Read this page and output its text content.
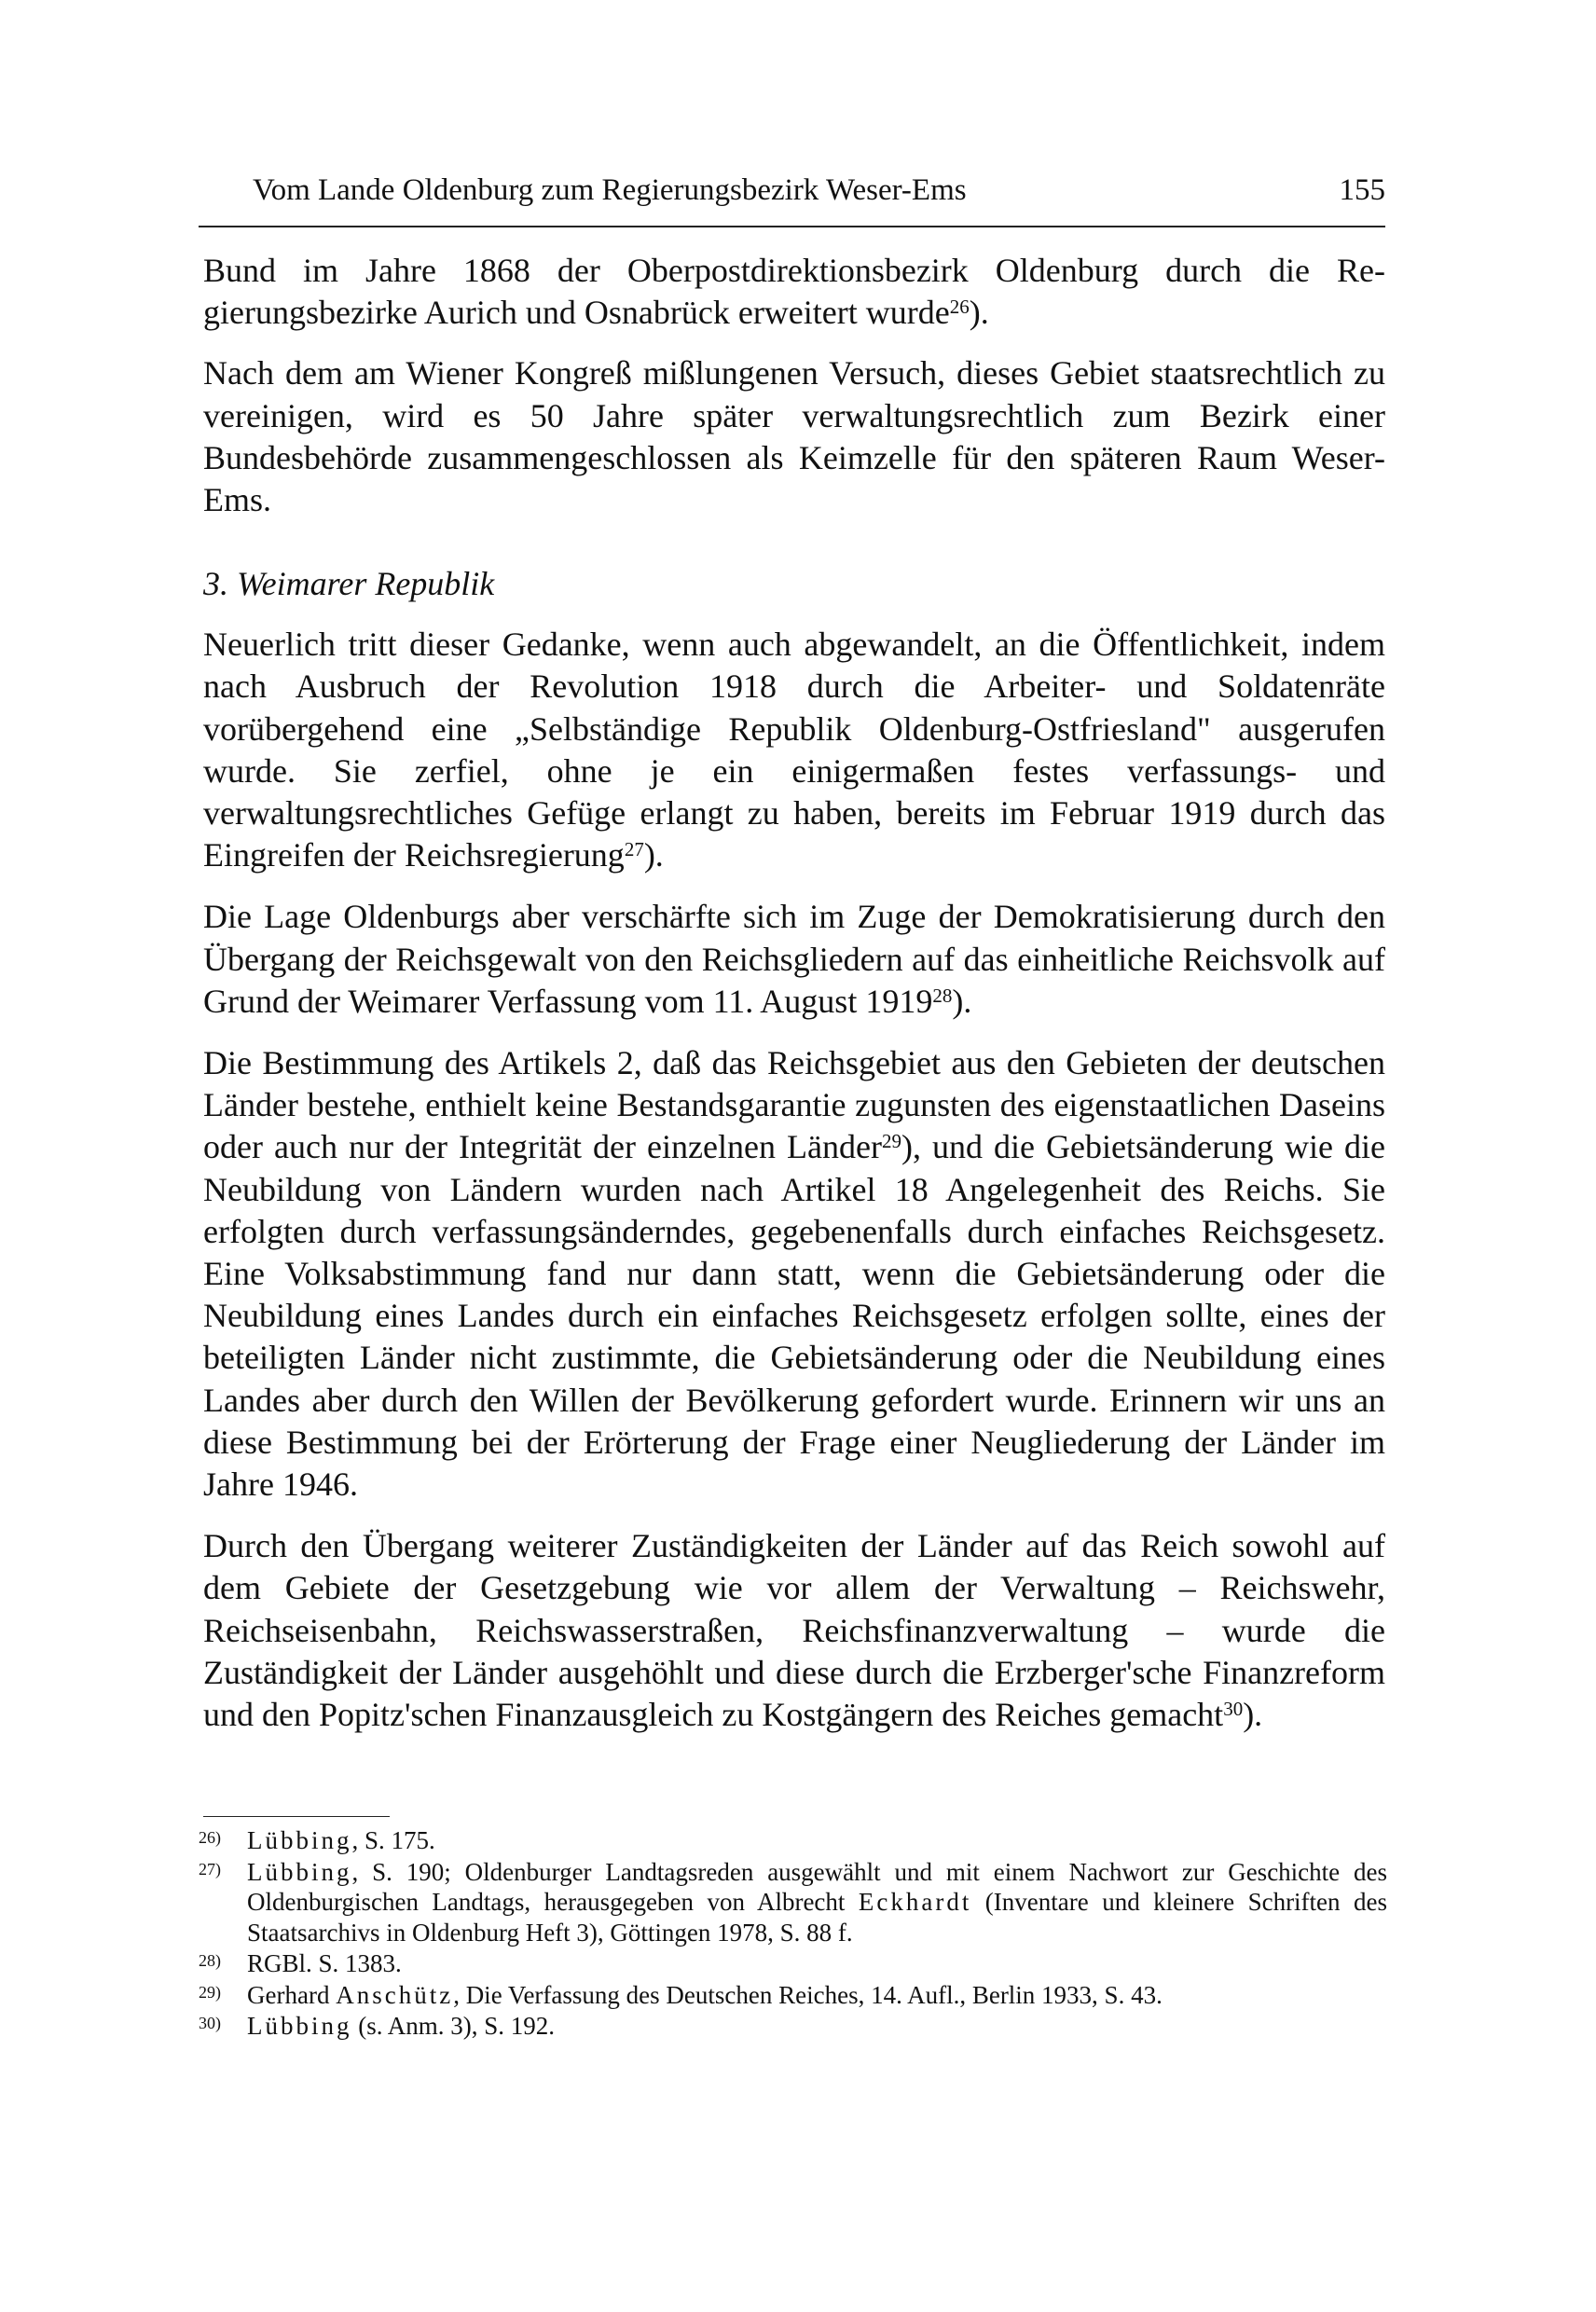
Vom Lande Oldenburg zum Regierungsbezirk Weser-Ems	155

Bund im Jahre 1868 der Oberpostdirektionsbezirk Oldenburg durch die Regierungsbezirke Aurich und Osnabrück erweitert wurde$^{26}$).

Nach dem am Wiener Kongreß mißlungenen Versuch, dieses Gebiet staatsrechtlich zu vereinigen, wird es 50 Jahre später verwaltungsrechtlich zum Bezirk einer Bundesbehörde zusammengeschlossen als Keimzelle für den späteren Raum Weser-Ems.

3. Weimarer Republik

Neuerlich tritt dieser Gedanke, wenn auch abgewandelt, an die Öffentlichkeit, indem nach Ausbruch der Revolution 1918 durch die Arbeiter- und Soldatenräte vorübergehend eine „Selbständige Republik Oldenburg-Ostfriesland" ausgerufen wurde. Sie zerfiel, ohne je ein einigermaßen festes verfassungs- und verwaltungsrechtliches Gefüge erlangt zu haben, bereits im Februar 1919 durch das Eingreifen der Reichsregierung$^{27}$).

Die Lage Oldenburgs aber verschärfte sich im Zuge der Demokratisierung durch den Übergang der Reichsgewalt von den Reichsgliedern auf das einheitliche Reichsvolk auf Grund der Weimarer Verfassung vom 11. August 1919$^{28}$).

Die Bestimmung des Artikels 2, daß das Reichsgebiet aus den Gebieten der deutschen Länder bestehe, enthielt keine Bestandsgarantie zugunsten des eigenstaatlichen Daseins oder auch nur der Integrität der einzelnen Länder$^{29}$), und die Gebietsänderung wie die Neubildung von Ländern wurden nach Artikel 18 Angelegenheit des Reichs. Sie erfolgten durch verfassungsänderndes, gegebenenfalls durch einfaches Reichsgesetz. Eine Volksabstimmung fand nur dann statt, wenn die Gebietsänderung oder die Neubildung eines Landes durch ein einfaches Reichsgesetz erfolgen sollte, eines der beteiligten Länder nicht zustimmte, die Gebietsänderung oder die Neubildung eines Landes aber durch den Willen der Bevölkerung gefordert wurde. Erinnern wir uns an diese Bestimmung bei der Erörterung der Frage einer Neugliederung der Länder im Jahre 1946.

Durch den Übergang weiterer Zuständigkeiten der Länder auf das Reich sowohl auf dem Gebiete der Gesetzgebung wie vor allem der Verwaltung – Reichswehr, Reichseisenbahn, Reichswasserstraßen, Reichsfinanzverwaltung – wurde die Zuständigkeit der Länder ausgehöhlt und diese durch die Erzberger'sche Finanzreform und den Popitz'schen Finanzausgleich zu Kostgängern des Reiches gemacht$^{30}$).

26) Lübbing, S. 175.
27) Lübbing, S. 190; Oldenburger Landtagsreden ausgewählt und mit einem Nachwort zur Geschichte des Oldenburgischen Landtags, herausgegeben von Albrecht Eckhardt (Inventare und kleinere Schriften des Staatsarchivs in Oldenburg Heft 3), Göttingen 1978, S. 88 f.
28) RGBl. S. 1383.
29) Gerhard Anschütz, Die Verfassung des Deutschen Reiches, 14. Aufl., Berlin 1933, S. 43.
30) Lübbing (s. Anm. 3), S. 192.
